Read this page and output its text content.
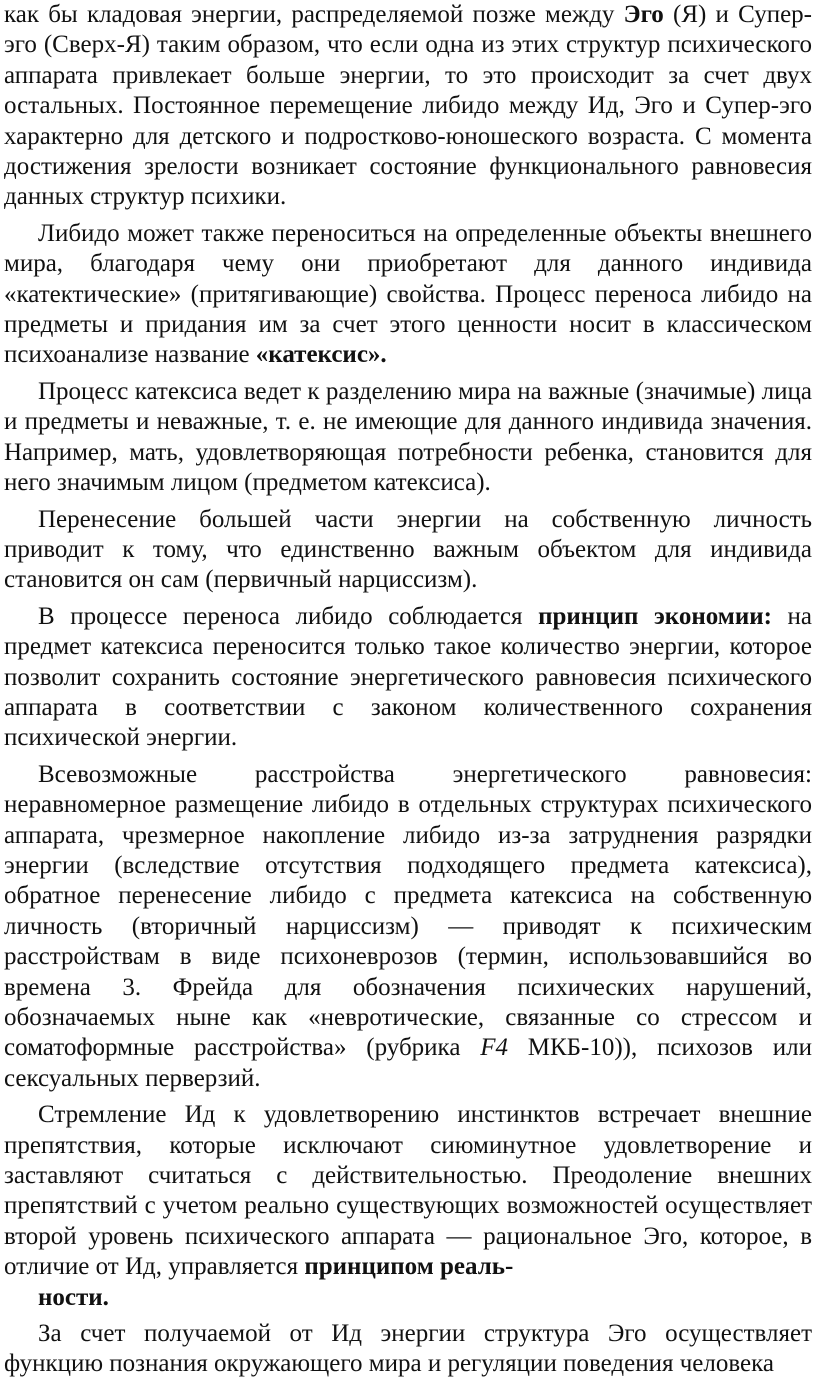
как бы кладовая энергии, распределяемой позже между Эго (Я) и Супер-эго (Сверх-Я) таким образом, что если одна из этих структур психического аппарата привлекает больше энергии, то это происходит за счет двух остальных. Постоянное перемещение либидо между Ид, Эго и Супер-эго характерно для детского и подростково-юношеского возраста. С момента достижения зрелости возникает состояние функционального равновесия данных структур психики.

Либидо может также переноситься на определенные объекты внешнего мира, благодаря чему они приобретают для данного индивида «катектические» (притягивающие) свойства. Процесс переноса либидо на предметы и придания им за счет этого ценности носит в классическом психоанализе название «катексис».

Процесс катексиса ведет к разделению мира на важные (значимые) лица и предметы и неважные, т. е. не имеющие для данного индивида значения. Например, мать, удовлетворяющая потребности ребенка, становится для него значимым лицом (предметом катексиса).

Перенесение большей части энергии на собственную личность приводит к тому, что единственно важным объектом для индивида становится он сам (первичный нарциссизм).

В процессе переноса либидо соблюдается принцип экономии: на предмет катексиса переносится только такое количество энергии, которое позволит сохранить состояние энергетического равновесия психического аппарата в соответствии с законом количественного сохранения психической энергии.

Всевозможные расстройства энергетического равновесия: неравномерное размещение либидо в отдельных структурах психического аппарата, чрезмерное накопление либидо из-за затруднения разрядки энергии (вследствие отсутствия подходящего предмета катексиса), обратное перенесение либидо с предмета катексиса на собственную личность (вторичный нарциссизм) — приводят к психическим расстройствам в виде психоневрозов (термин, использовавшийся во времена 3. Фрейда для обозначения психических нарушений, обозначаемых ныне как «невротические, связанные со стрессом и соматоформные расстройства» (рубрика F4 МКБ-10)), психозов или сексуальных перверзий.

Стремление Ид к удовлетворению инстинктов встречает внешние препятствия, которые исключают сиюминутное удовлетворение и заставляют считаться с действительностью. Преодоление внешних препятствий с учетом реально существующих возможностей осуществляет второй уровень психического аппарата — рациональное Эго, которое, в отличие от Ид, управляется принципом реаль-

ности.

За счет получаемой от Ид энергии структура Эго осуществляет функцию познания окружающего мира и регуляции поведения человека
